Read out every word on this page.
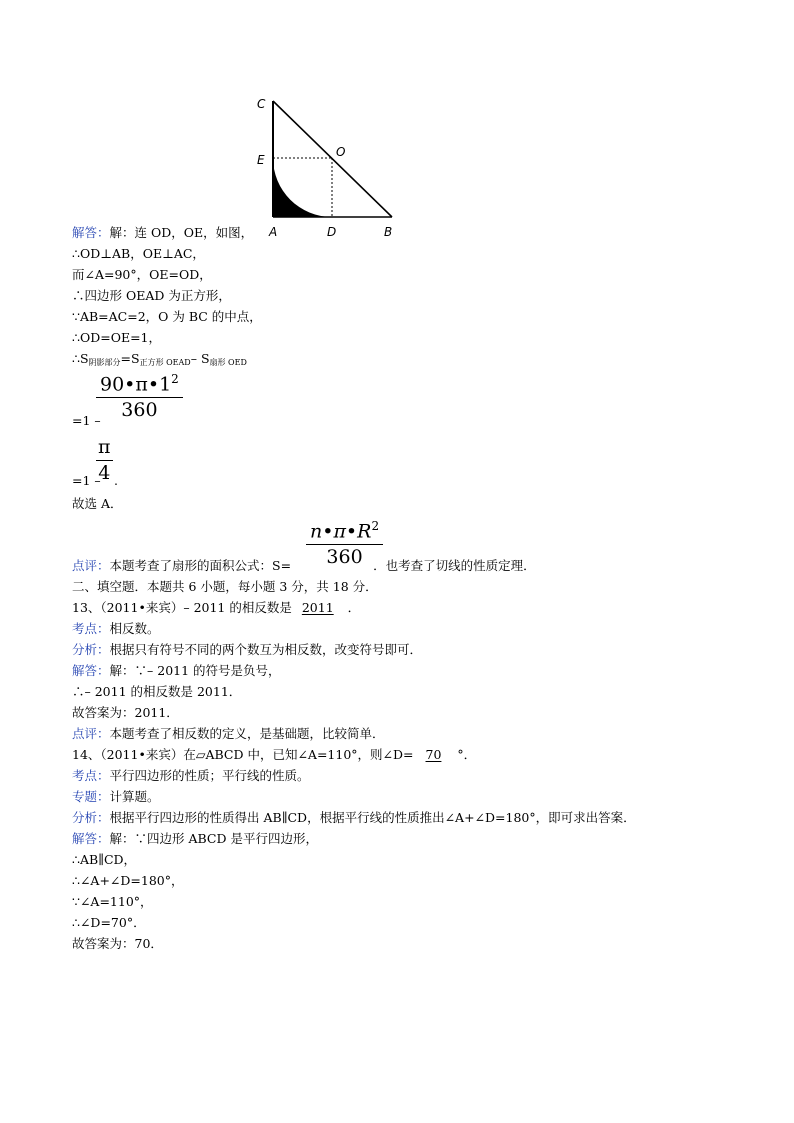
C
E
O
A	D	B
解答：解：连 OD，OE，如图，
∴OD⊥AB，OE⊥AC，
而∠A=90°，OE=OD，
∴四边形 OEAD 为正方形，
∵AB=AC=2，O 为 BC 的中点，
∴OD=OE=1，
$\therefore S_{阴影部分}=S_{正方形 OEAD}-$ $S_{扇形 OED}$
=1 –
$\frac{90•\pi•1^2}{360}$
=1 –
$\frac{\pi}{4}$ .
故选 A．
$\frac{n•\pi•R^2}{360}$
点评：本题考查了扇形的面积公式：S=	．也考查了切线的性质定理．
二、填空题．本题共 6 小题，每小题 3 分，共 18 分．
13、（2011•来宾）– 2011 的相反数是 2011 ．
考点：相反数。
分析：根据只有符号不同的两个数互为相反数，改变符号即可．
解答：解：∵– 2011 的符号是负号，
∴– 2011 的相反数是 2011．
故答案为：2011．
点评：本题考查了相反数的定义，是基础题，比较简单．
14、（2011•来宾）在▱ABCD 中，已知∠A=110°，则∠D= 70 °．
考点：平行四边形的性质；平行线的性质。
专题：计算题。
分析：根据平行四边形的性质得出 AB∥CD，根据平行线的性质推出∠A+∠D=180°，即可求出答案．
解答：解：∵四边形 ABCD 是平行四边形，
∴AB∥CD，
∴∠A+∠D=180°，
∵∠A=110°，
∴∠D=70°．
故答案为：70．
